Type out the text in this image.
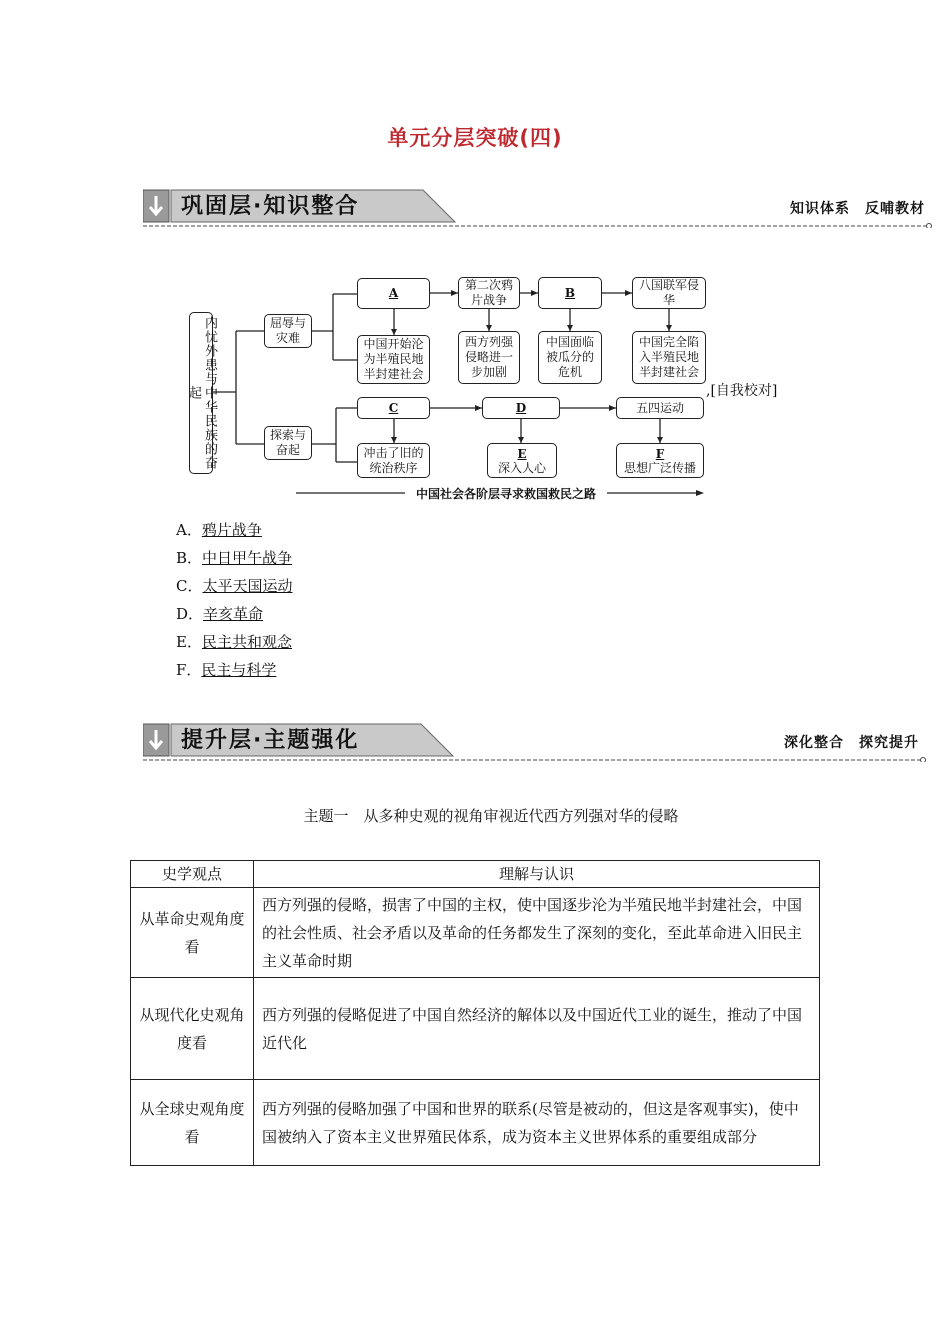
单元分层突破(四)
巩固层·知识整合	知识体系　反哺教材
内忧外患与中华民族的奋起
屈辱与灾难
探索与奋起
A
第二次鸦片战争
B
八国联军侵华
中国开始沦为半殖民地半封建社会
西方列强侵略进一步加剧
中国面临被瓜分的危机
中国完全陷入半殖民地半封建社会
,[自我校对]
C	D	五四运动
冲击了旧的统治秩序
E
深入人心
F
思想广泛传播
中国社会各阶层寻求救国救民之路
A．鸦片战争
B．中日甲午战争
C．太平天国运动
D．辛亥革命
E．民主共和观念
F．民主与科学
提升层·主题强化	深化整合　探究提升
主题一　从多种史观的视角审视近代西方列强对华的侵略
史学观点	理解与认识
从革命史观角度看	西方列强的侵略，损害了中国的主权，使中国逐步沦为半殖民地半封建社会，中国的社会性质、社会矛盾以及革命的任务都发生了深刻的变化，至此革命进入旧民主主义革命时期
从现代化史观角度看	西方列强的侵略促进了中国自然经济的解体以及中国近代工业的诞生，推动了中国近代化
从全球史观角度看	西方列强的侵略加强了中国和世界的联系(尽管是被动的，但这是客观事实)，使中国被纳入了资本主义世界殖民体系，成为资本主义世界体系的重要组成部分
